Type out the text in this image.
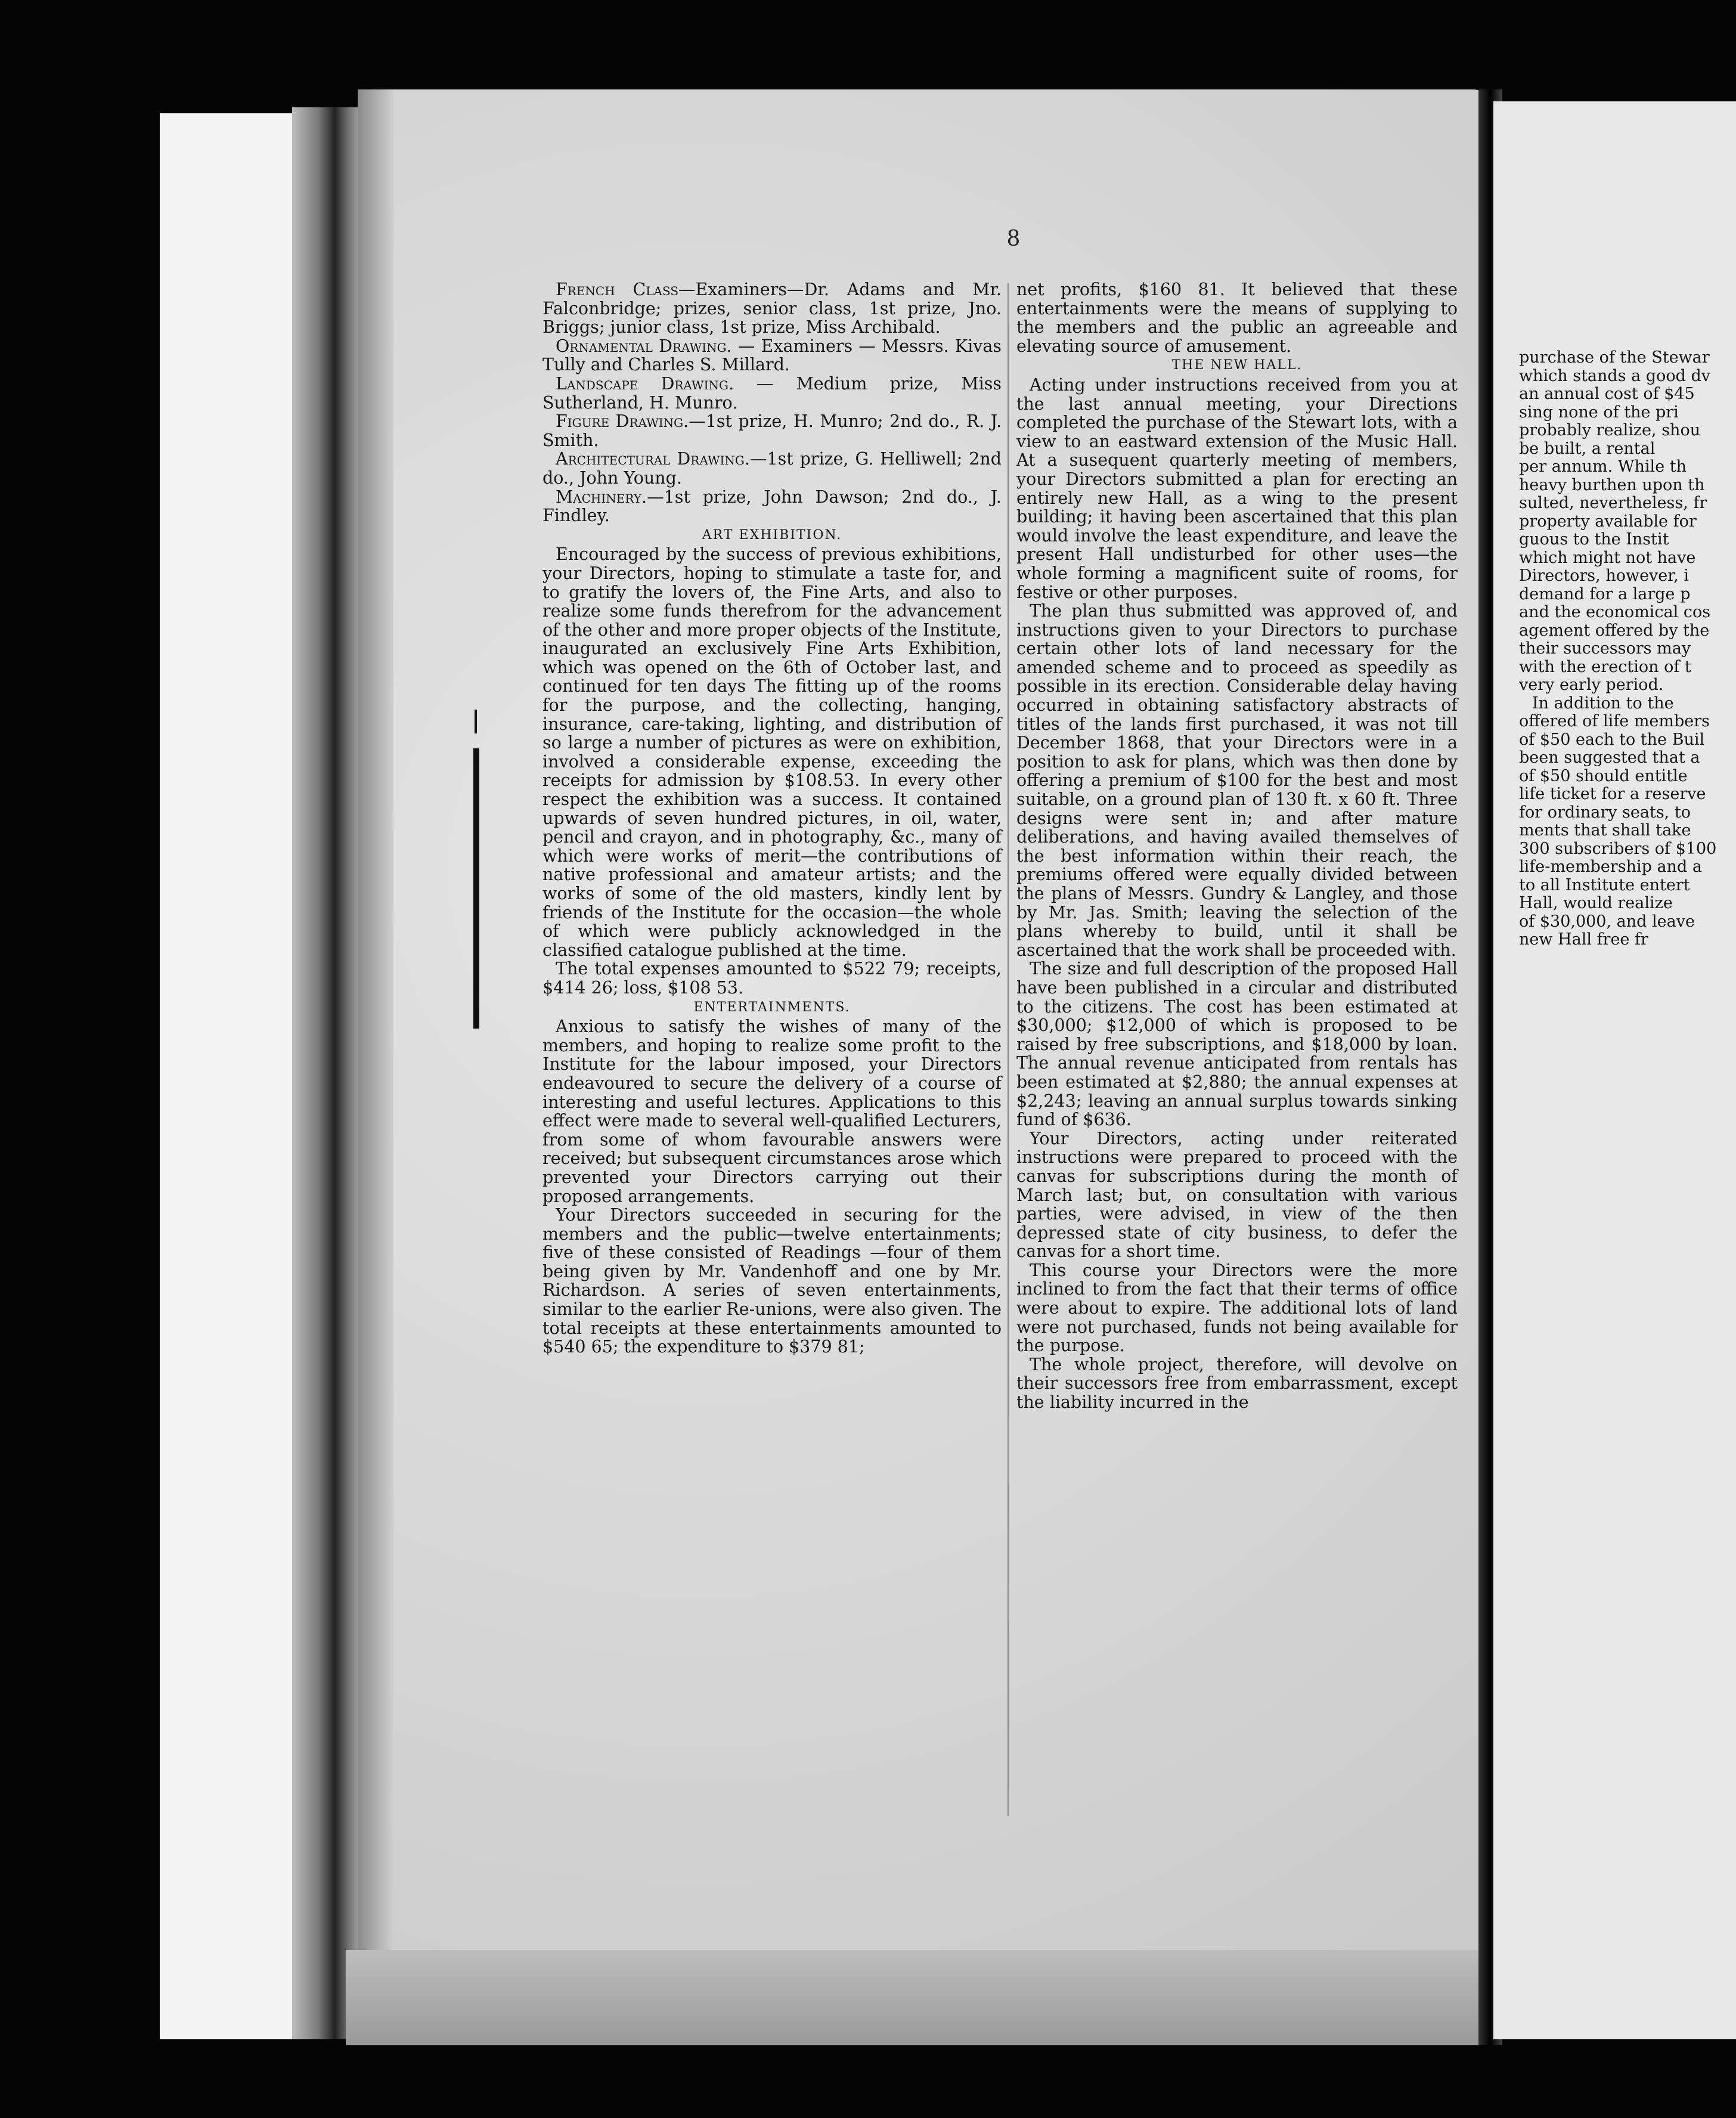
8

French Class—Examiners—Dr. Adams and Mr. Falconbridge; prizes, senior class, 1st prize, Jno. Briggs; junior class, 1st prize, Miss Archibald.

Ornamental Drawing. — Examiners — Messrs. Kivas Tully and Charles S. Millard.

Landscape Drawing. — Medium prize, Miss Sutherland, H. Munro.

Figure Drawing.—1st prize, H. Munro; 2nd do., R. J. Smith.

Architectural Drawing.—1st prize, G. Helliwell; 2nd do., John Young.

Machinery.—1st prize, John Dawson; 2nd do., J. Findley.

ART EXHIBITION.

Encouraged by the success of previous exhibitions, your Directors, hoping to stimulate a taste for, and to gratify the lovers of, the Fine Arts, and also to realize some funds therefrom for the advancement of the other and more proper objects of the Institute, inaugurated an exclusively Fine Arts Exhibition, which was opened on the 6th of October last, and continued for ten days The fitting up of the rooms for the purpose, and the collecting, hanging, insurance, care-taking, lighting, and distribution of so large a number of pictures as were on exhibition, involved a considerable expense, exceeding the receipts for admission by $108.53. In every other respect the exhibition was a success. It contained upwards of seven hundred pictures, in oil, water, pencil and crayon, and in photography, &c., many of which were works of merit—the contributions of native professional and amateur artists; and the works of some of the old masters, kindly lent by friends of the Institute for the occasion—the whole of which were publicly acknowledged in the classified catalogue published at the time.

The total expenses amounted to $522 79; receipts, $414 26; loss, $108 53.

ENTERTAINMENTS.

Anxious to satisfy the wishes of many of the members, and hoping to realize some profit to the Institute for the labour imposed, your Directors endeavoured to secure the delivery of a course of interesting and useful lectures. Applications to this effect were made to several well-qualified Lecturers, from some of whom favourable answers were received; but subsequent circumstances arose which prevented your Directors carrying out their proposed arrangements.

Your Directors succeeded in securing for the members and the public—twelve entertainments; five of these consisted of Readings —four of them being given by Mr. Vandenhoff and one by Mr. Richardson. A series of seven entertainments, similar to the earlier Re-unions, were also given. The total receipts at these entertainments amounted to $540 65; the expenditure to $379 81;

net profits, $160 81. It believed that these entertainments were the means of supplying to the members and the public an agreeable and elevating source of amusement.

THE NEW HALL.

Acting under instructions received from you at the last annual meeting, your Directions completed the purchase of the Stewart lots, with a view to an eastward extension of the Music Hall. At a susequent quarterly meeting of members, your Directors submitted a plan for erecting an entirely new Hall, as a wing to the present building; it having been ascertained that this plan would involve the least expenditure, and leave the present Hall undisturbed for other uses—the whole forming a magnificent suite of rooms, for festive or other purposes.

The plan thus submitted was approved of, and instructions given to your Directors to purchase certain other lots of land necessary for the amended scheme and to proceed as speedily as possible in its erection. Considerable delay having occurred in obtaining satisfactory abstracts of titles of the lands first purchased, it was not till December 1868, that your Directors were in a position to ask for plans, which was then done by offering a premium of $100 for the best and most suitable, on a ground plan of 130 ft. x 60 ft. Three designs were sent in; and after mature deliberations, and having availed themselves of the best information within their reach, the premiums offered were equally divided between the plans of Messrs. Gundry & Langley, and those by Mr. Jas. Smith; leaving the selection of the plans whereby to build, until it shall be ascertained that the work shall be proceeded with.

The size and full description of the proposed Hall have been published in a circular and distributed to the citizens. The cost has been estimated at $30,000; $12,000 of which is proposed to be raised by free subscriptions, and $18,000 by loan. The annual revenue anticipated from rentals has been estimated at $2,880; the annual expenses at $2,243; leaving an annual surplus towards sinking fund of $636.

Your Directors, acting under reiterated instructions were prepared to proceed with the canvas for subscriptions during the month of March last; but, on consultation with various parties, were advised, in view of the then depressed state of city business, to defer the canvas for a short time.

This course your Directors were the more inclined to from the fact that their terms of office were about to expire. The additional lots of land were not purchased, funds not being available for the purpose.

The whole project, therefore, will devolve on their successors free from embarrassment, except the liability incurred in the

purchase of the Stewar
which stands a good dv
an annual cost of $45
sing none of the pri
probably realize, shou
be built, a rental
per annum. While th
heavy burthen upon th
sulted, nevertheless, fr
property available for
guous to the Instit
which might not have
Directors, however, i
demand for a large p
and the economical cos
agement offered by the
their successors may
with the erection of t
very early period.
In addition to the
offered of life members
of $50 each to the Buil
been suggested that a
of $50 should entitle
life ticket for a reserve
for ordinary seats, to
ments that shall take
300 subscribers of $100
life-membership and a
to all Institute entert
Hall, would realize
of $30,000, and leave
new Hall free fr
